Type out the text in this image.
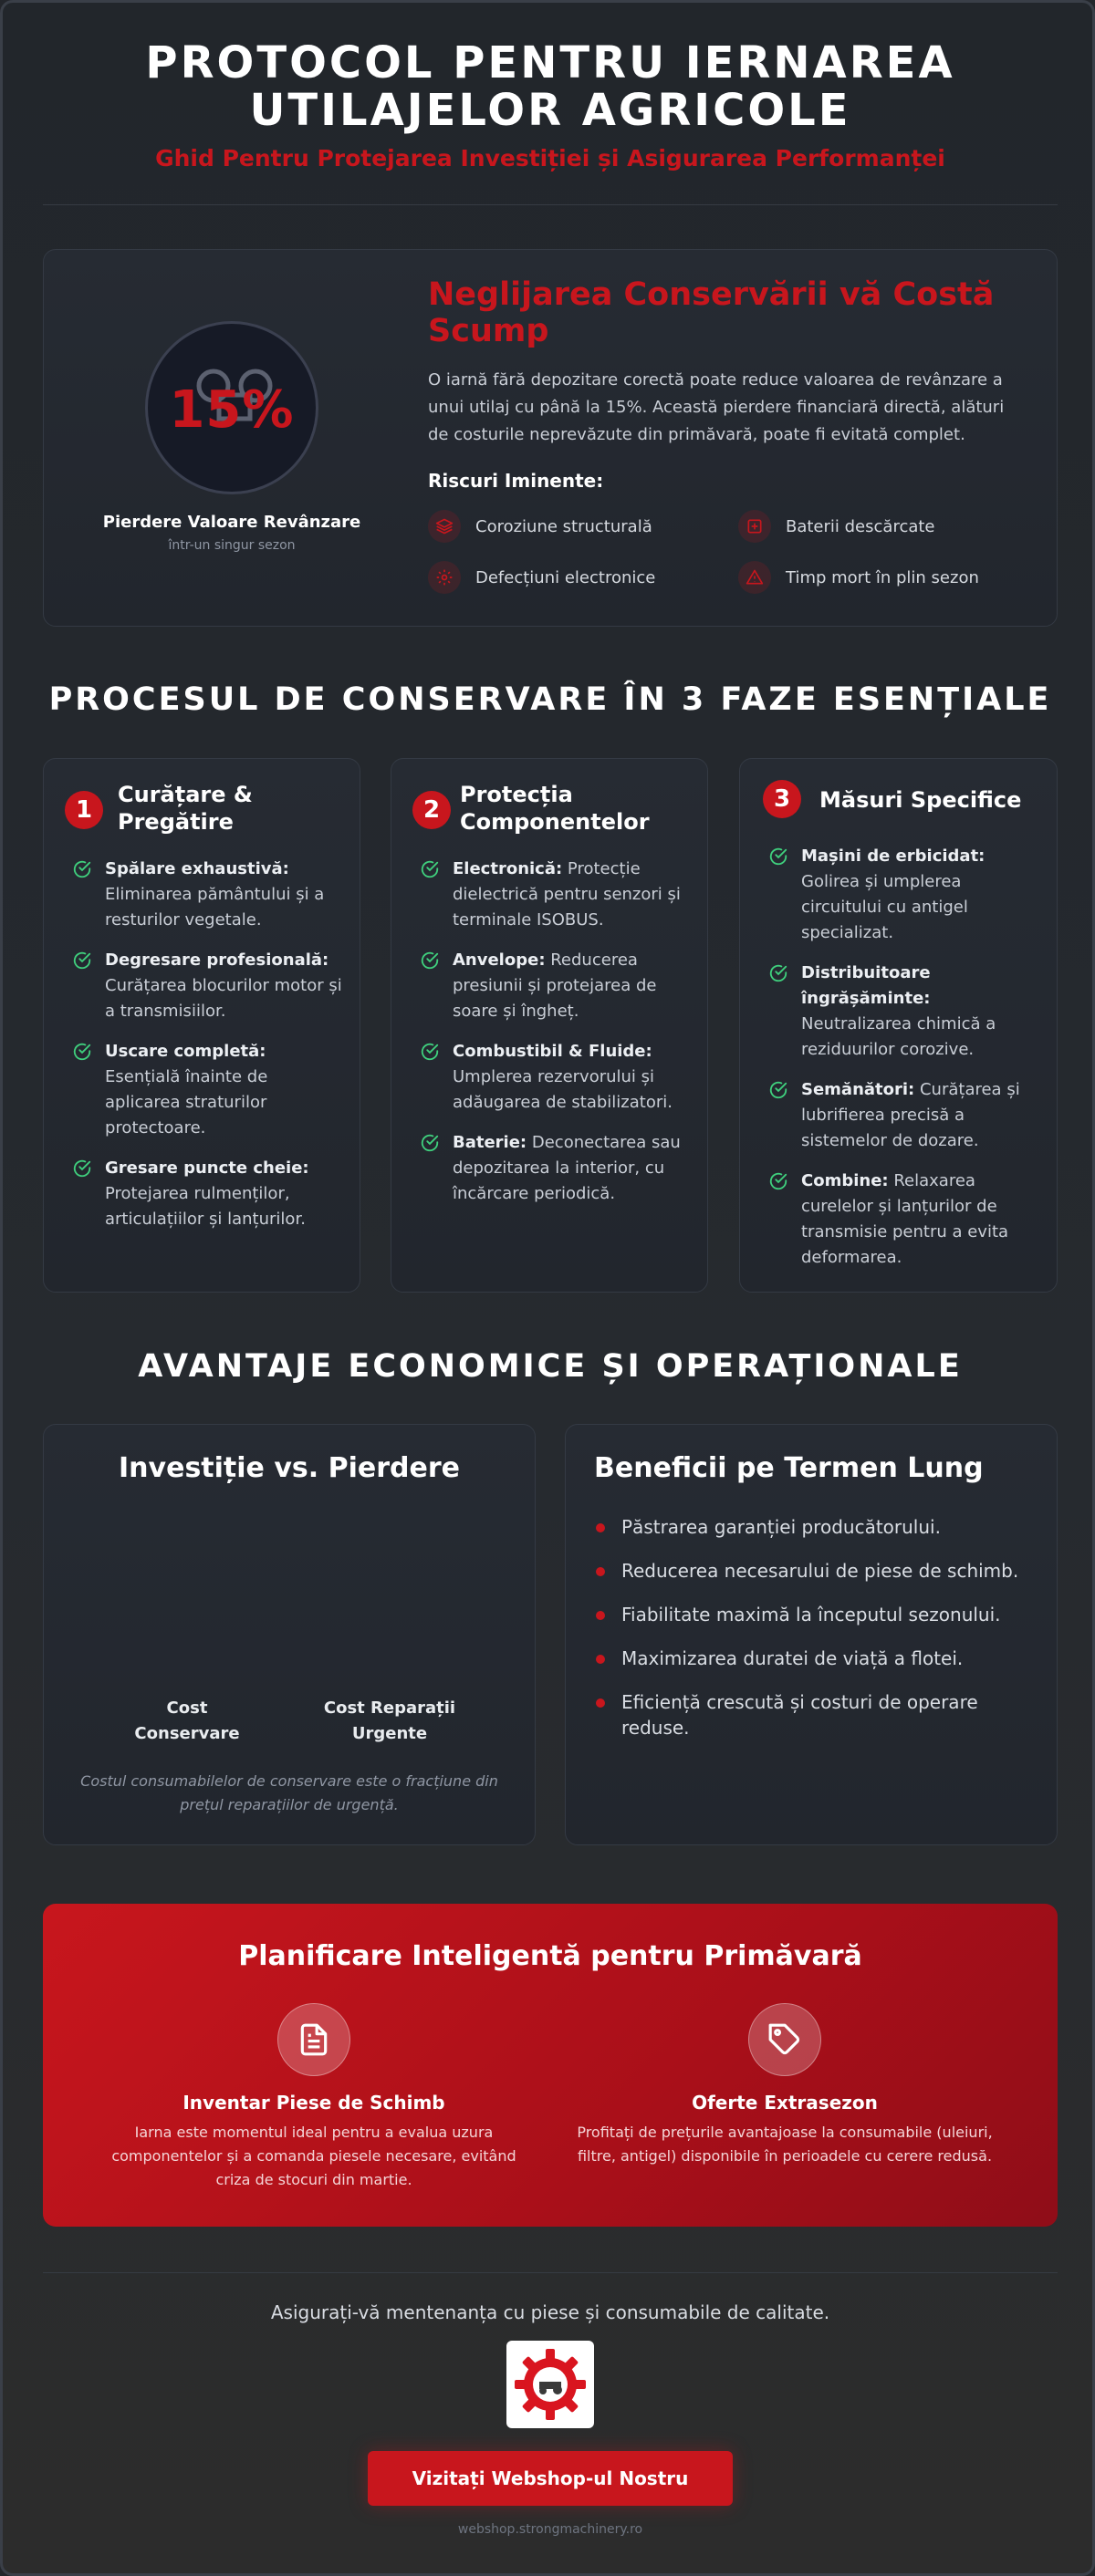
PROTOCOL PENTRU IERNAREA
UTILAJELOR AGRICOLE
Ghid Pentru Protejarea Investiției și Asigurarea Performanței
15%
Pierdere Valoare Revânzare
într-un singur sezon
Neglijarea Conservării vă Costă Scump
O iarnă fără depozitare corectă poate reduce valoarea de revânzare a unui utilaj cu până la 15%. Această pierdere financiară directă, alături de costurile neprevăzute din primăvară, poate fi evitată complet.
Riscuri Iminente:
Coroziune structurală	Baterii descărcate
Defecțiuni electronice	Timp mort în plin sezon
PROCESUL DE CONSERVARE ÎN 3 FAZE ESENȚIALE
1
Curățare & Pregătire
Spălare exhaustivă: Eliminarea pământului și a resturilor vegetale.
Degresare profesională: Curățarea blocurilor motor și a transmisiilor.
Uscare completă: Esențială înainte de aplicarea straturilor protectoare.
Gresare puncte cheie: Protejarea rulmenților, articulațiilor și lanțurilor.
2
Protecția Componentelor
Electronică: Protecție dielectrică pentru senzori și terminale ISOBUS.
Anvelope: Reducerea presiunii și protejarea de soare și îngheț.
Combustibil & Fluide: Umplerea rezervorului și adăugarea de stabilizatori.
Baterie: Deconectarea sau depozitarea la interior, cu încărcare periodică.
3	Măsuri Specifice
Mașini de erbicidat: Golirea și umplerea circuitului cu antigel specializat.
Distribuitoare îngrășăminte: Neutralizarea chimică a reziduurilor corozive.
Semănători: Curățarea și lubrifierea precisă a sistemelor de dozare.
Combine: Relaxarea curelelor și lanțurilor de transmisie pentru a evita deformarea.
AVANTAJE ECONOMICE ȘI OPERAȚIONALE
Investiție vs. Pierdere
Cost
Conservare
Cost Reparații
Urgente
Costul consumabilelor de conservare este o fracțiune din prețul reparațiilor de urgență.
Beneficii pe Termen Lung
Păstrarea garanției producătorului.
Reducerea necesarului de piese de schimb.
Fiabilitate maximă la începutul sezonului.
Maximizarea duratei de viață a flotei.
Eficiență crescută și costuri de operare reduse.
Planificare Inteligentă pentru Primăvară
Inventar Piese de Schimb
Iarna este momentul ideal pentru a evalua uzura componentelor și a comanda piesele necesare, evitând criza de stocuri din martie.
Oferte Extrasezon
Profitați de prețurile avantajoase la consumabile (uleiuri, filtre, antigel) disponibile în perioadele cu cerere redusă.
Asigurați-vă mentenanța cu piese și consumabile de calitate.
Vizitați Webshop-ul Nostru
webshop.strongmachinery.ro
